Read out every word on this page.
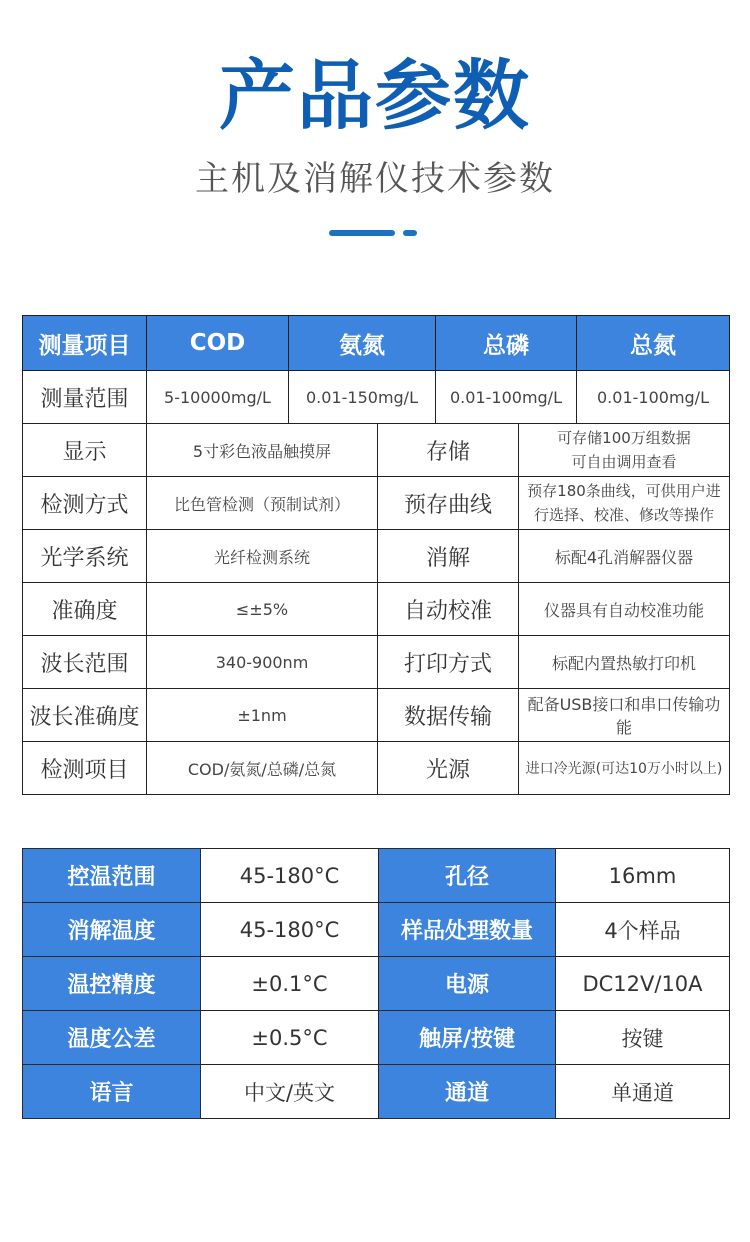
产品参数
主机及消解仪技术参数
测量项目	COD	氨氮		总磷		总氮
测量范围	5-10000mg/L	0.01-150mg/L		0.01-100mg/L		0.01-100mg/L
显示	5寸彩色液晶触摸屏		存储		可存储100万组数据
可自由调用查看	
检测方式	比色管检测（预制试剂）		预存曲线		预存180条曲线，可供用户进行选择、校准、修改等操作	
光学系统	光纤检测系统		消解		标配4孔消解器仪器	
准确度	≤±5%		自动校准		仪器具有自动校准功能	
波长范围	340-900nm		打印方式		标配内置热敏打印机	
波长准确度	±1nm		数据传输		配备USB接口和串口传输功能	
检测项目	COD/氨氮/总磷/总氮		光源		进口冷光源(可达10万小时以上)	
控温范围	45-180°C	孔径	16mm
消解温度	45-180°C	样品处理数量	4个样品
温控精度	±0.1°C	电源	DC12V/10A
温度公差	±0.5°C	触屏/按键	按键
语言	中文/英文	通道	单通道
